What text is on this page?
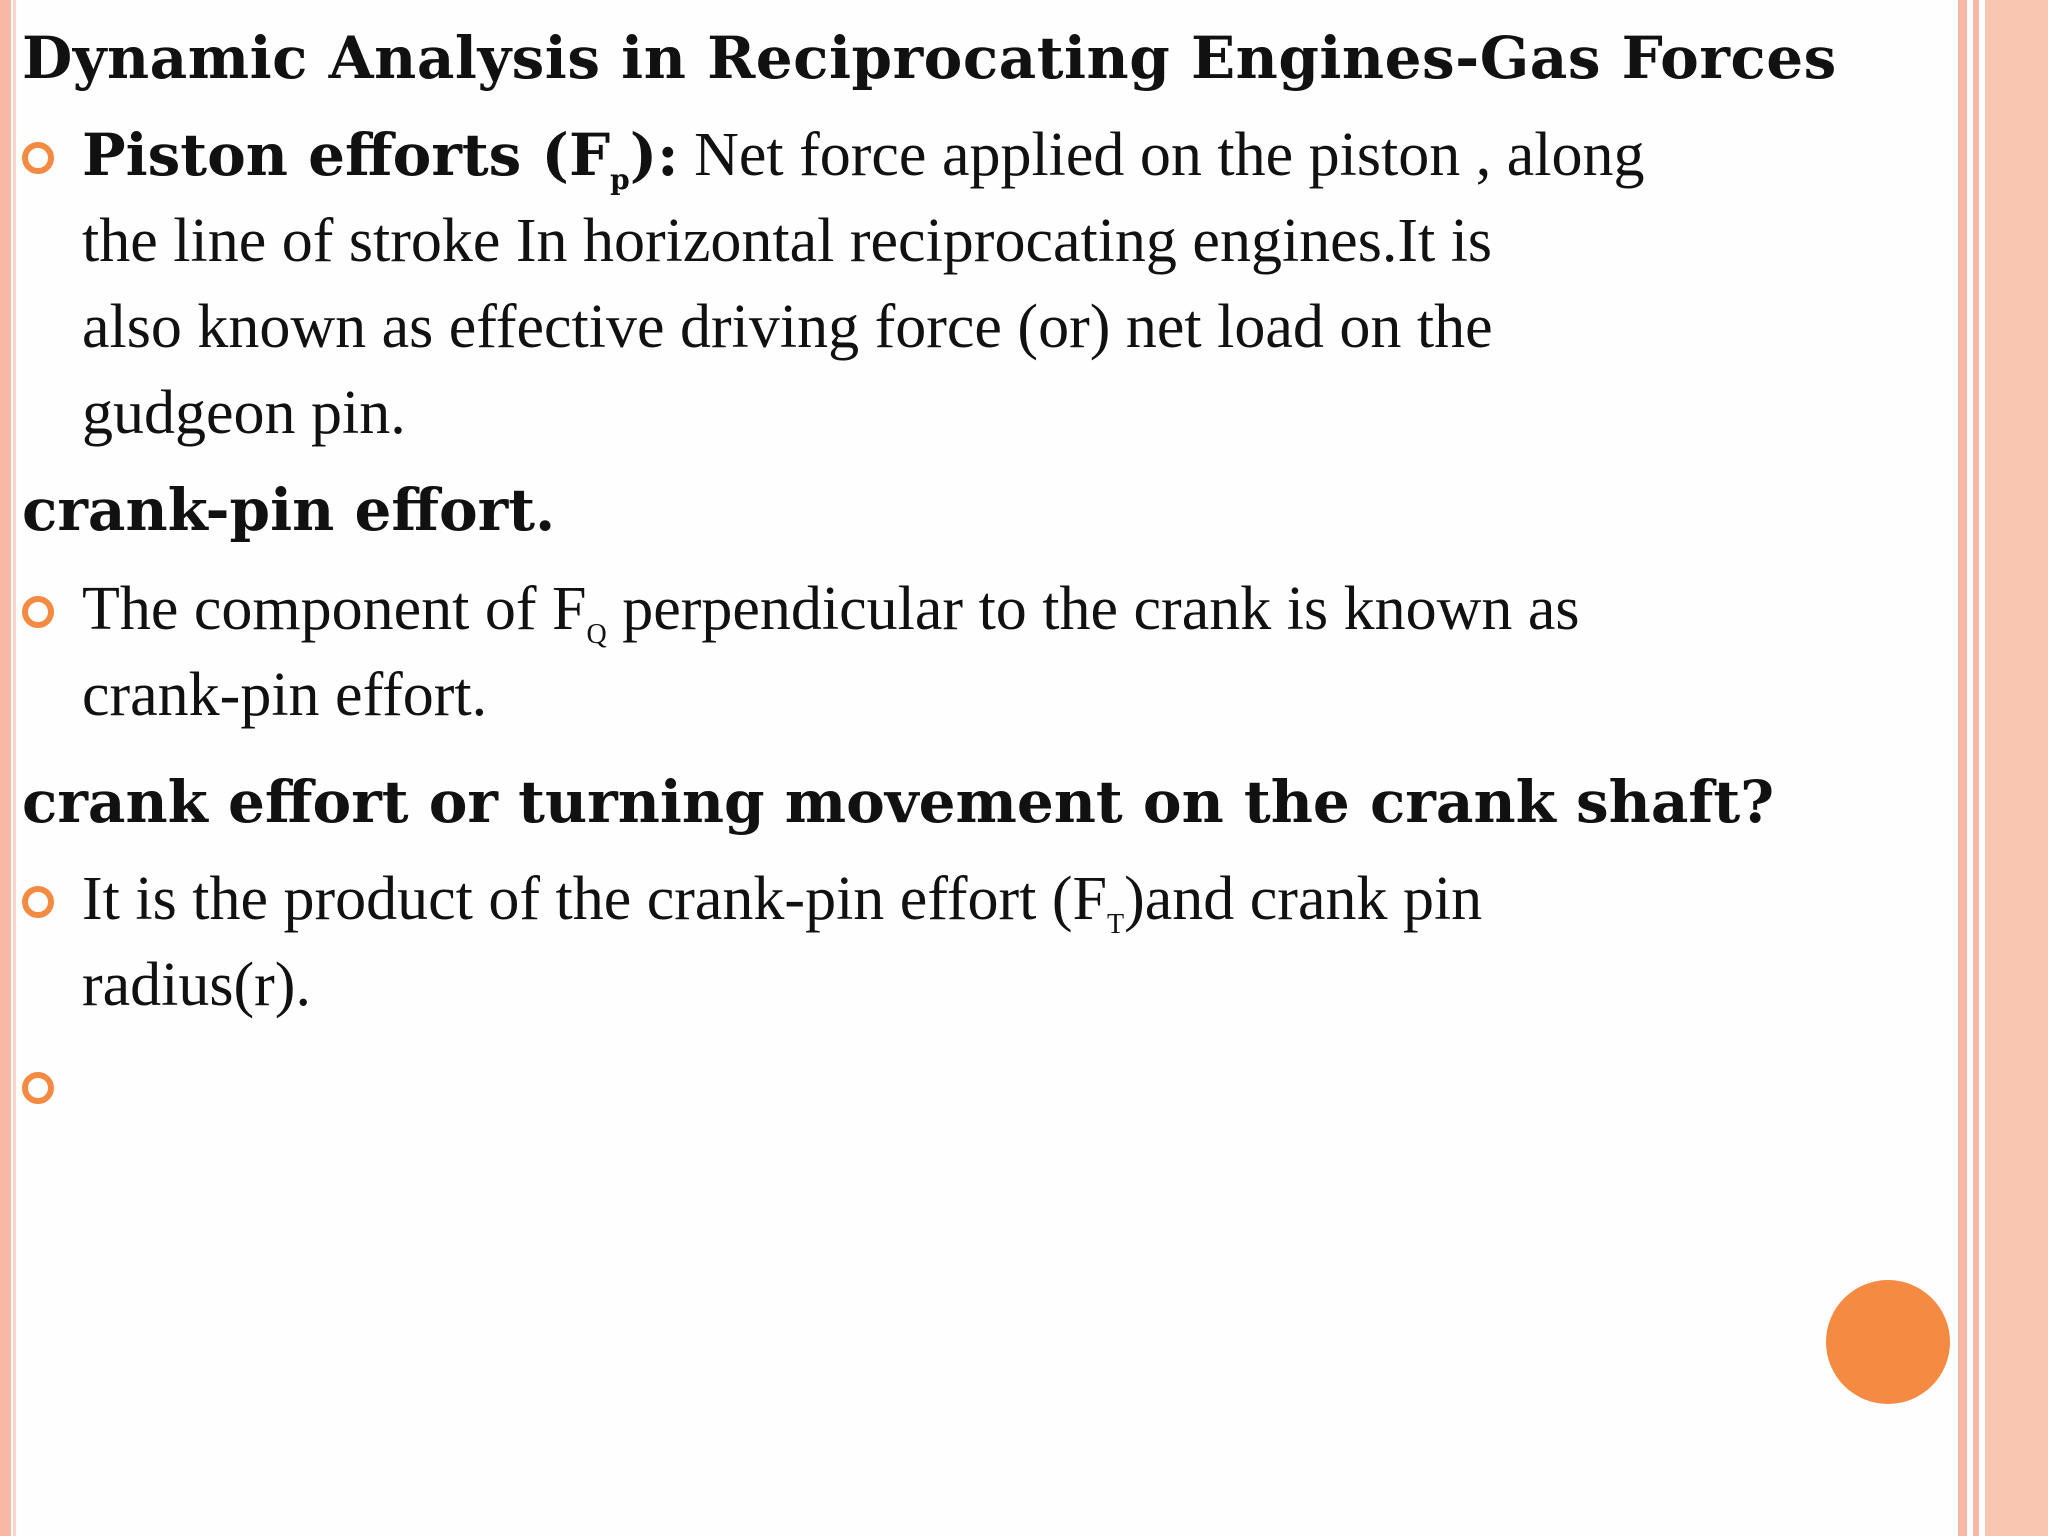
Dynamic Analysis in Reciprocating Engines-Gas Forces

Piston efforts $(F_p)$: Net force applied on the piston , along
the line of stroke In horizontal reciprocating engines.It is
also known as effective driving force (or) net load on the
gudgeon pin.

crank-pin effort.

The component of $F_Q$ perpendicular to the crank is known as
crank-pin effort.

crank effort or turning movement on the crank shaft?

It is the product of the crank-pin effort $(F_T)and$ crank pin
radius(r).
